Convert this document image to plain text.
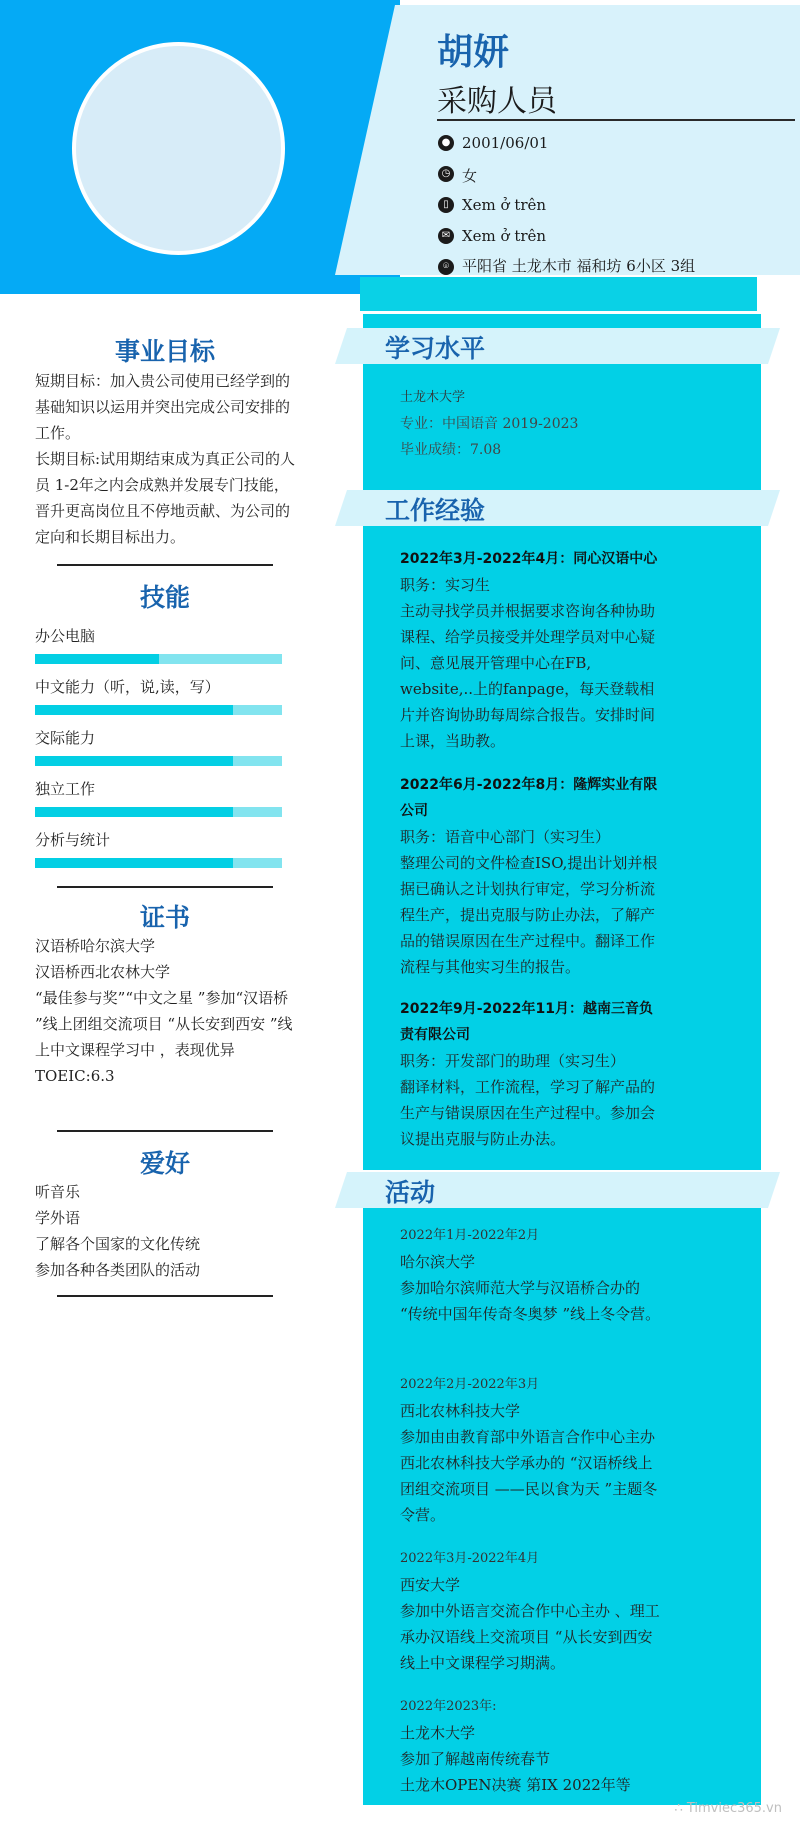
胡妍
采购人员
● 2001/06/01
◷ 女
▯ Xem ở trên
✉ Xem ở trên
⌾ 平阳省 土龙木市 福和坊 6小区 3组
学习水平

土龙木大学

专业：中国语音 2019-2023

毕业成绩：7.08

工作经验

2022年3月-2022年4月：同心汉语中心

职务：实习生

主动寻找学员并根据要求咨询各种协助课程、给学员接受并处理学员对中心疑问、意见展开管理中心在FB, website,..上的fanpage，每天登载相片并咨询协助每周综合报告。安排时间上课，当助教。

2022年6月-2022年8月：隆辉实业有限公司

职务：语音中心部门（实习生）

整理公司的文件检查ISO,提出计划并根据已确认之计划执行审定，学习分析流程生产，提出克服与防止办法，了解产品的错误原因在生产过程中。翻译工作流程与其他实习生的报告。

2022年9月-2022年11月：越南三音负责有限公司

职务：开发部门的助理（实习生）

翻译材料，工作流程，学习了解产品的生产与错误原因在生产过程中。参加会议提出克服与防止办法。

活动

2022年1月-2022年2月

哈尔滨大学

参加哈尔滨师范大学与汉语桥合办的 “传统中国年传奇冬奥梦 ”线上冬令营。

2022年2月-2022年3月

西北农林科技大学

参加由由教育部中外语言合作中心主办西北农林科技大学承办的 “汉语桥线上团组交流项目 ——民以食为天 ”主题冬令营。

2022年3月-2022年4月

西安大学

参加中外语言交流合作中心主办 、理工承办汉语线上交流项目 “从长安到西安线上中文课程学习期满。

2022年2023年:

土龙木大学

参加了解越南传统春节

土龙木OPEN决赛 第IX 2022年等

事业目标

短期目标：加入贵公司使用已经学到的基础知识以运用并突出完成公司安排的工作。

长期目标:试用期结束成为真正公司的人员 1-2年之内会成熟并发展专门技能，晋升更高岗位且不停地贡献、为公司的定向和长期目标出力。

技能
办公电脑
中文能力（听，说,读，写）
交际能力
独立工作
分析与统计
证书

汉语桥哈尔滨大学

汉语桥西北农林大学

“最佳参与奖”“中文之星 ”参加“汉语桥 ”线上团组交流项目 “从长安到西安 ”线上中文课程学习中 ，表现优异

TOEIC:6.3

爱好

听音乐

学外语

了解各个国家的文化传统

参加各种各类团队的活动

∴ Timviec365.vn
